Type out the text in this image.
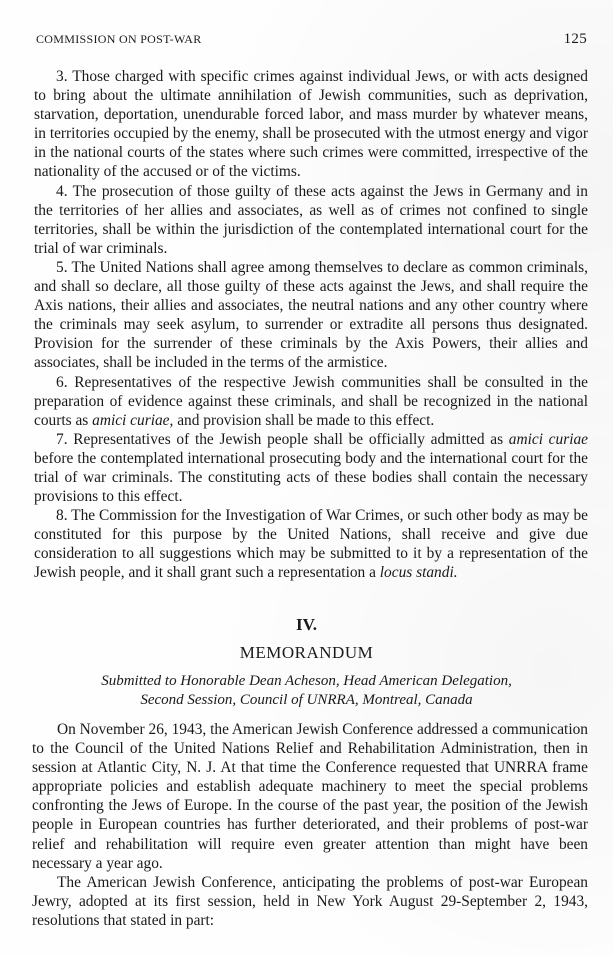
COMMISSION ON POST-WAR	125

3. Those charged with specific crimes against individual Jews, or with acts designed to bring about the ultimate annihilation of Jewish communities, such as deprivation, starvation, deportation, unendurable forced labor, and mass murder by whatever means, in territories occupied by the enemy, shall be prosecuted with the utmost energy and vigor in the national courts of the states where such crimes were committed, irrespective of the nationality of the accused or of the victims.

4. The prosecution of those guilty of these acts against the Jews in Germany and in the territories of her allies and associates, as well as of crimes not confined to single territories, shall be within the jurisdiction of the contemplated international court for the trial of war criminals.

5. The United Nations shall agree among themselves to declare as common criminals, and shall so declare, all those guilty of these acts against the Jews, and shall require the Axis nations, their allies and associates, the neutral nations and any other country where the criminals may seek asylum, to surrender or extradite all persons thus designated. Provision for the surrender of these criminals by the Axis Powers, their allies and associates, shall be included in the terms of the armistice.

6. Representatives of the respective Jewish communities shall be consulted in the preparation of evidence against these criminals, and shall be recognized in the national courts as amici curiae, and provision shall be made to this effect.

7. Representatives of the Jewish people shall be officially admitted as amici curiae before the contemplated international prosecuting body and the international court for the trial of war criminals. The constituting acts of these bodies shall contain the necessary provisions to this effect.

8. The Commission for the Investigation of War Crimes, or such other body as may be constituted for this purpose by the United Nations, shall receive and give due consideration to all suggestions which may be submitted to it by a representation of the Jewish people, and it shall grant such a representation a locus standi.

IV.
MEMORANDUM
Submitted to Honorable Dean Acheson, Head American Delegation,
Second Session, Council of UNRRA, Montreal, Canada

On November 26, 1943, the American Jewish Conference addressed a communication to the Council of the United Nations Relief and Rehabilitation Administration, then in session at Atlantic City, N. J. At that time the Conference requested that UNRRA frame appropriate policies and establish adequate machinery to meet the special problems confronting the Jews of Europe. In the course of the past year, the position of the Jewish people in European countries has further deteriorated, and their problems of post-war relief and rehabilitation will require even greater attention than might have been necessary a year ago.

The American Jewish Conference, anticipating the problems of post-war European Jewry, adopted at its first session, held in New York August 29-September 2, 1943, resolutions that stated in part:
